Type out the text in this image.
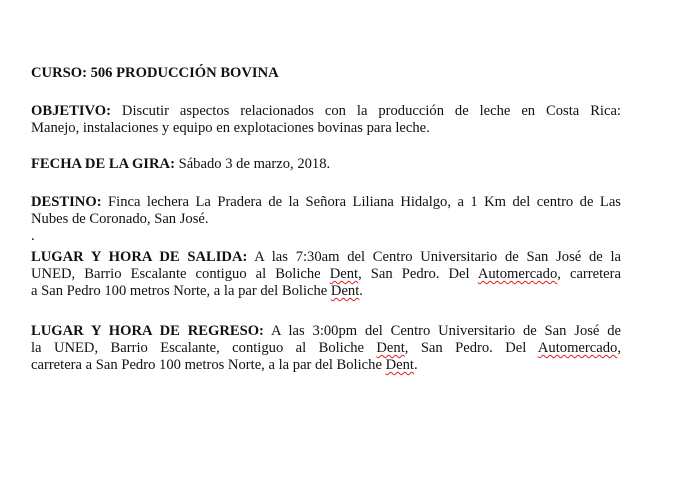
CURSO: 506 PRODUCCIÓN BOVINA
OBJETIVO: Discutir aspectos relacionados con la producción de leche en Costa Rica:
Manejo, instalaciones y equipo en explotaciones bovinas para leche.
FECHA DE LA GIRA: Sábado 3 de marzo, 2018.
DESTINO: Finca lechera La Pradera de la Señora Liliana Hidalgo, a 1 Km del centro de Las
Nubes de Coronado, San José.
.
LUGAR Y HORA DE SALIDA: A las 7:30am del Centro Universitario de San José de la
UNED, Barrio Escalante contiguo al Boliche Dent, San Pedro. Del Automercado, carretera
a San Pedro 100 metros Norte, a la par del Boliche Dent.
LUGAR Y HORA DE REGRESO: A las 3:00pm del Centro Universitario de San José de
la UNED, Barrio Escalante, contiguo al Boliche Dent, San Pedro. Del Automercado,
carretera a San Pedro 100 metros Norte, a la par del Boliche Dent.
